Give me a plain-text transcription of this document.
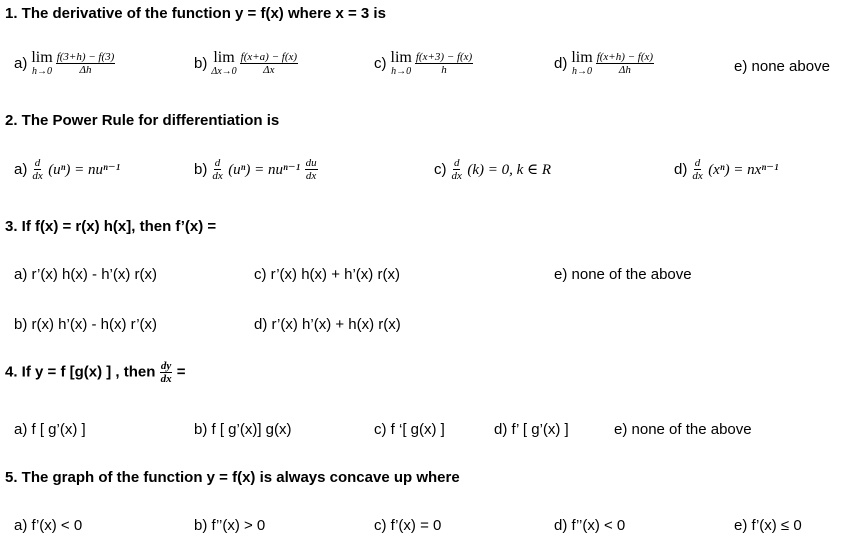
1. The derivative of the function y = f(x) where x = 3 is
a) lim
$h\to 0 \frac{f(3+h) - f(3)}{\Delta h}$	b) lim
$\Delta x\to 0 \frac{f(x+a) - f(x)}{\Delta x}$	c) lim
$h\to 0 \frac{f(x+3) - f(x)}{h}$	d) lim
$h\to 0 \frac{f(x+h) - f(x)}{\Delta h}$	e) none above
2. The Power Rule for differentiation is
$a) \frac{d}{dx} (u^n) = nu^{n-1}$	$b) \frac{d}{dx} (u^n) = nu^{n-1} \frac{du}{dx}$	$c) \frac{d}{dx} (k) = 0$, k ∈ R	$d) \frac{d}{dx} (x^n) = nx^{n-1}$
3. If f(x) = r(x) h(x], then f’(x) =
a) r’(x) h(x) - h’(x) r(x)	c) r’(x) h(x) + h’(x) r(x)	e) none of the above
b) r(x) h’(x) - h(x) r’(x)	d) r’(x) h’(x) + h(x) r(x)
4. If y = f [g(x) ] , then $\frac{dy}{dx}$ =
a) f [ g’(x) ]	b) f [ g’(x)] g(x)	c) f ‘[ g(x) ]	d) f’ [ g’(x) ]	e) none of the above
5. The graph of the function y = f(x) is always concave up where
a) f’(x) < 0	b) f’’(x) > 0	c) f’(x) = 0	d) f’’(x) < 0	e) f’(x) ≤ 0
